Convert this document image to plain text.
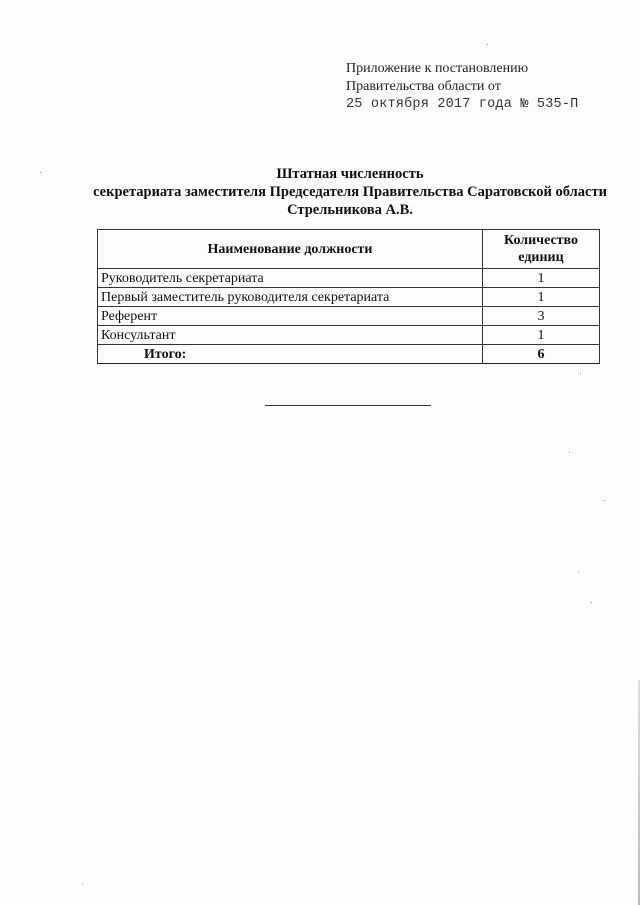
Приложение к постановлению
Правительства области от
25 октября 2017 года № 535-П
Штатная численность
секретариата заместителя Председателя Правительства Саратовской области
Стрельникова А.В.
Наименование должности	Количество
единиц
Руководитель секретариата	1
Первый заместитель руководителя секретариата	1
Референт	3
Консультант	1
Итого:	6
